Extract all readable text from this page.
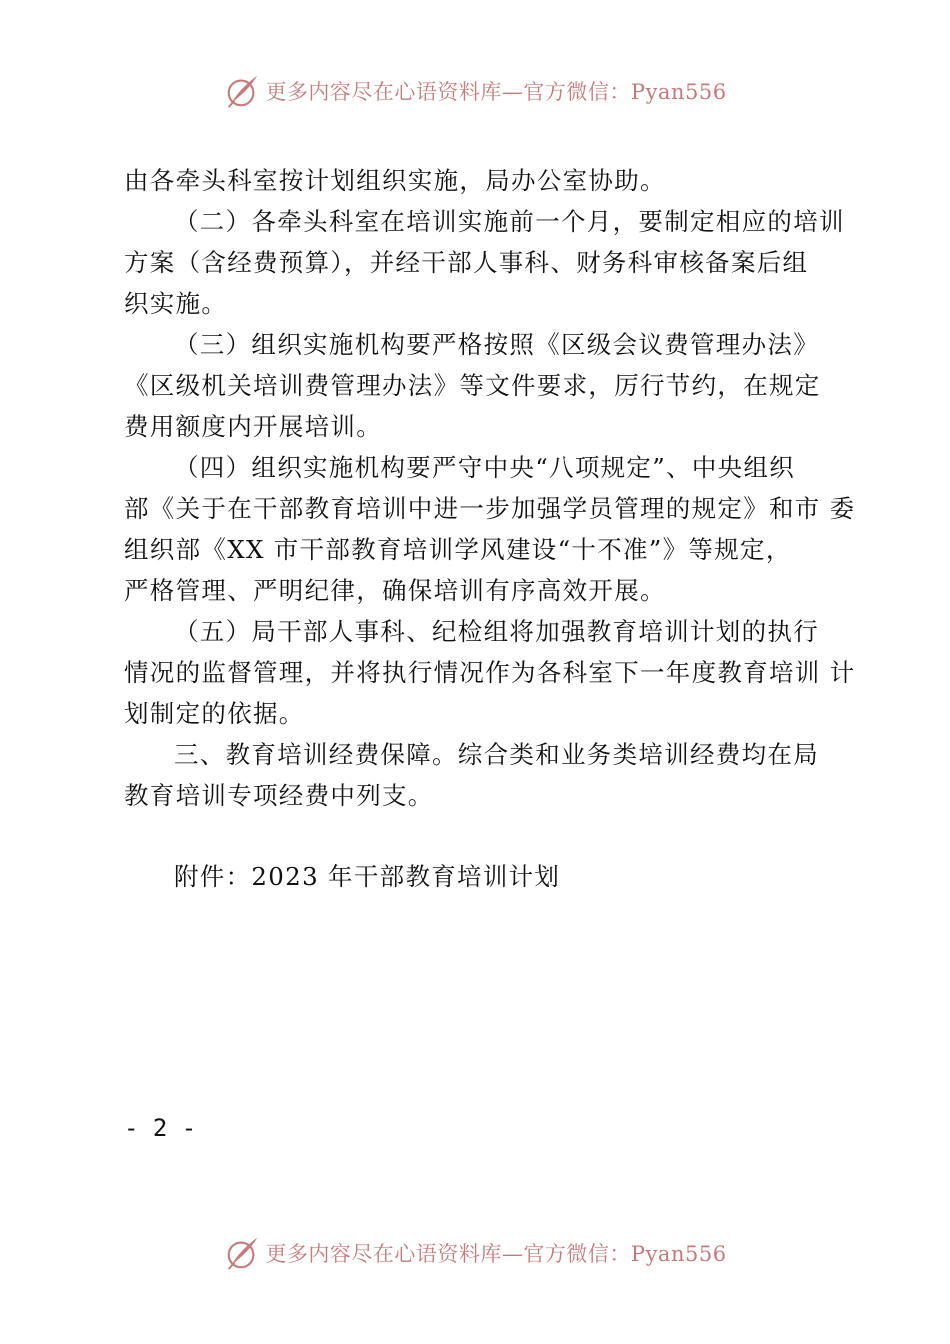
更多内容尽在心语资料库—官方微信：Pyan556
由各牵头科室按计划组织实施，局办公室协助。
（二）各牵头科室在培训实施前一个月，要制定相应的培训
方案（含经费预算），并经干部人事科、财务科审核备案后组
织实施。
（三）组织实施机构要严格按照《区级会议费管理办法》
《区级机关培训费管理办法》等文件要求，厉行节约，在规定
费用额度内开展培训。
（四）组织实施机构要严守中央“八项规定”、中央组织
部《关于在干部教育培训中进一步加强学员管理的规定》和市 委
组织部《XX 市干部教育培训学风建设“十不准”》等规定，
严格管理、严明纪律，确保培训有序高效开展。
（五）局干部人事科、纪检组将加强教育培训计划的执行
情况的监督管理，并将执行情况作为各科室下一年度教育培训 计
划制定的依据。
三、教育培训经费保障。综合类和业务类培训经费均在局
教育培训专项经费中列支。
附件：2023 年干部教育培训计划
- 2 -
更多内容尽在心语资料库—官方微信：Pyan556
